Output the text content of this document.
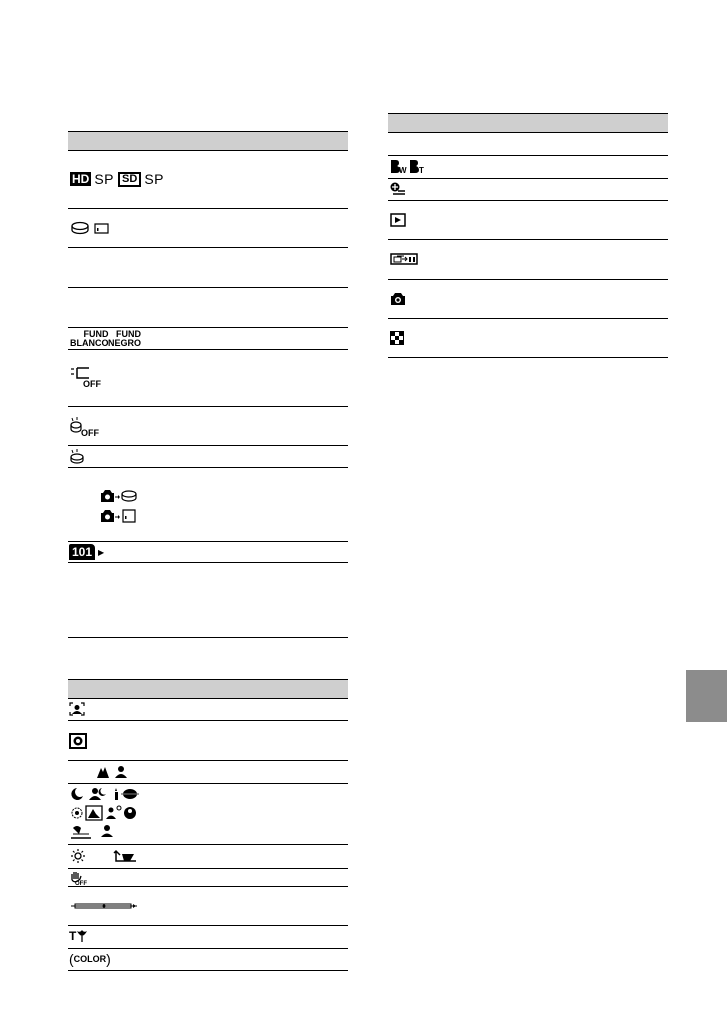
HD SP SD SP
FUND
BLANCO
FUND
NEGRO
OFF
OFF
101 ▶
OFF
T
( COLOR )
W T
